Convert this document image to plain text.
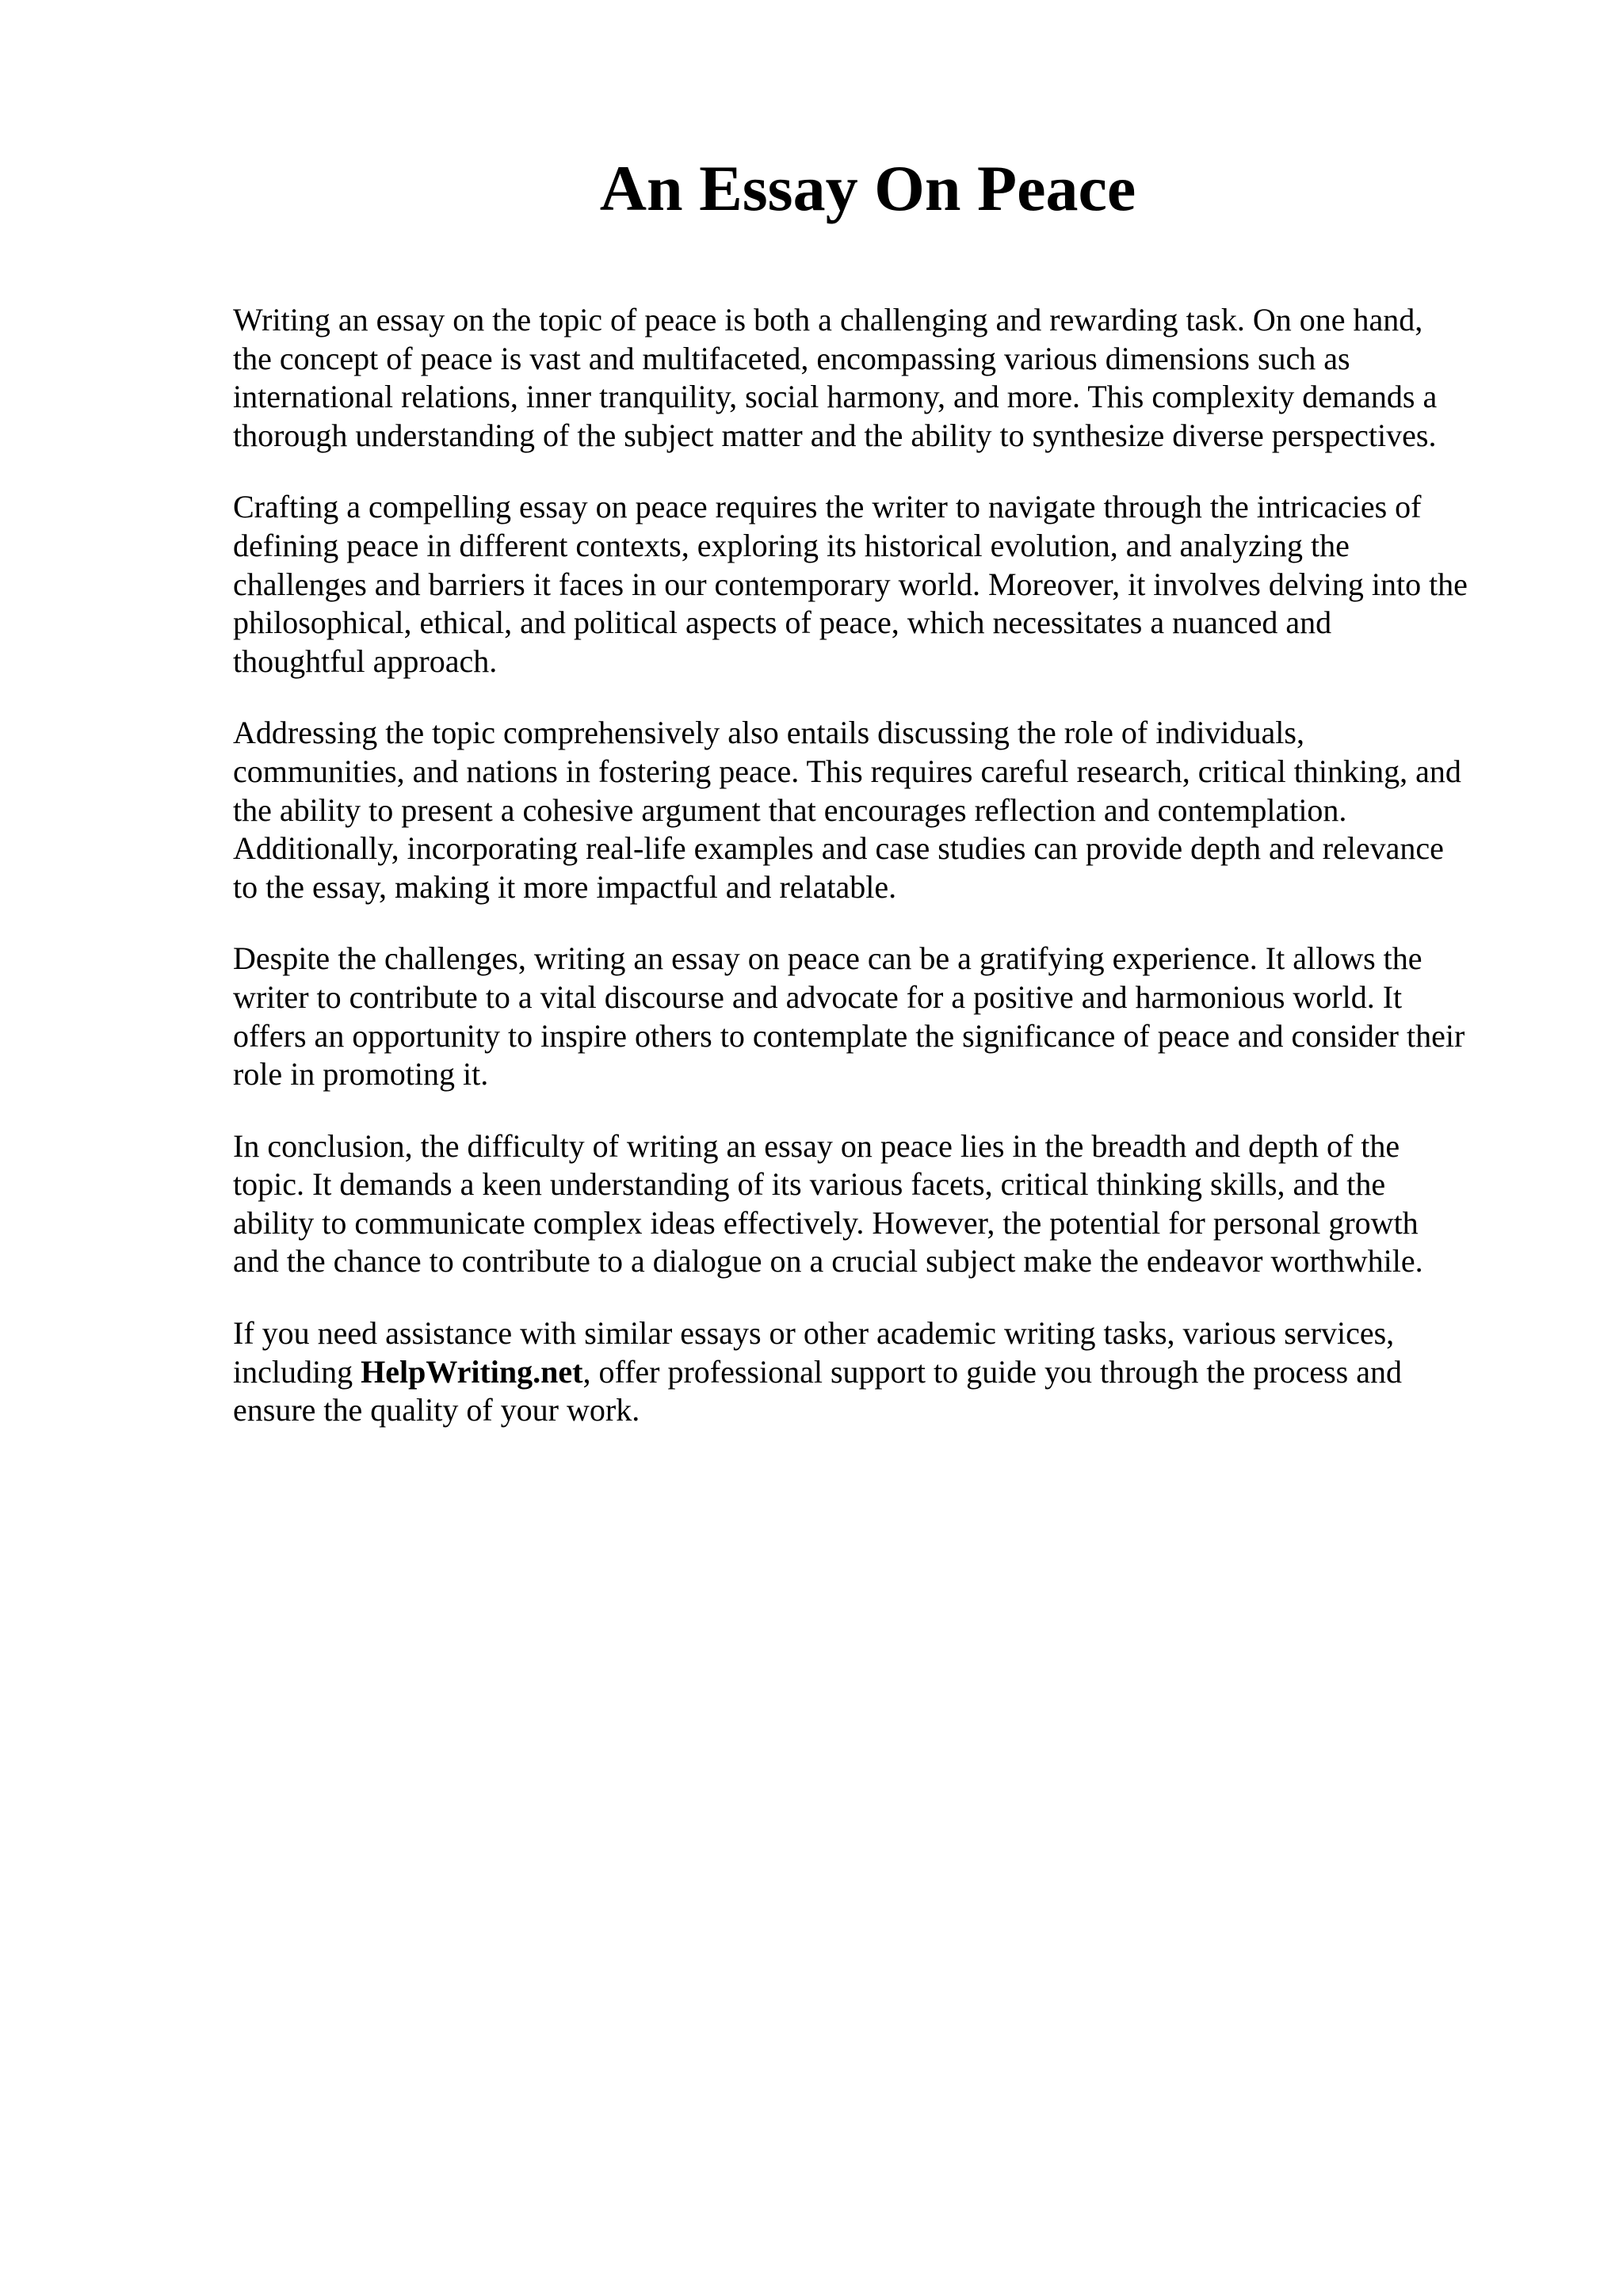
An Essay On Peace

Writing an essay on the topic of peace is both a challenging and rewarding task. On one hand,
the concept of peace is vast and multifaceted, encompassing various dimensions such as
international relations, inner tranquility, social harmony, and more. This complexity demands a
thorough understanding of the subject matter and the ability to synthesize diverse perspectives.

Crafting a compelling essay on peace requires the writer to navigate through the intricacies of
defining peace in different contexts, exploring its historical evolution, and analyzing the
challenges and barriers it faces in our contemporary world. Moreover, it involves delving into the
philosophical, ethical, and political aspects of peace, which necessitates a nuanced and
thoughtful approach.

Addressing the topic comprehensively also entails discussing the role of individuals,
communities, and nations in fostering peace. This requires careful research, critical thinking, and
the ability to present a cohesive argument that encourages reflection and contemplation.
Additionally, incorporating real-life examples and case studies can provide depth and relevance
to the essay, making it more impactful and relatable.

Despite the challenges, writing an essay on peace can be a gratifying experience. It allows the
writer to contribute to a vital discourse and advocate for a positive and harmonious world. It
offers an opportunity to inspire others to contemplate the significance of peace and consider their
role in promoting it.

In conclusion, the difficulty of writing an essay on peace lies in the breadth and depth of the
topic. It demands a keen understanding of its various facets, critical thinking skills, and the
ability to communicate complex ideas effectively. However, the potential for personal growth
and the chance to contribute to a dialogue on a crucial subject make the endeavor worthwhile.

If you need assistance with similar essays or other academic writing tasks, various services,
including HelpWriting.net, offer professional support to guide you through the process and
ensure the quality of your work.
